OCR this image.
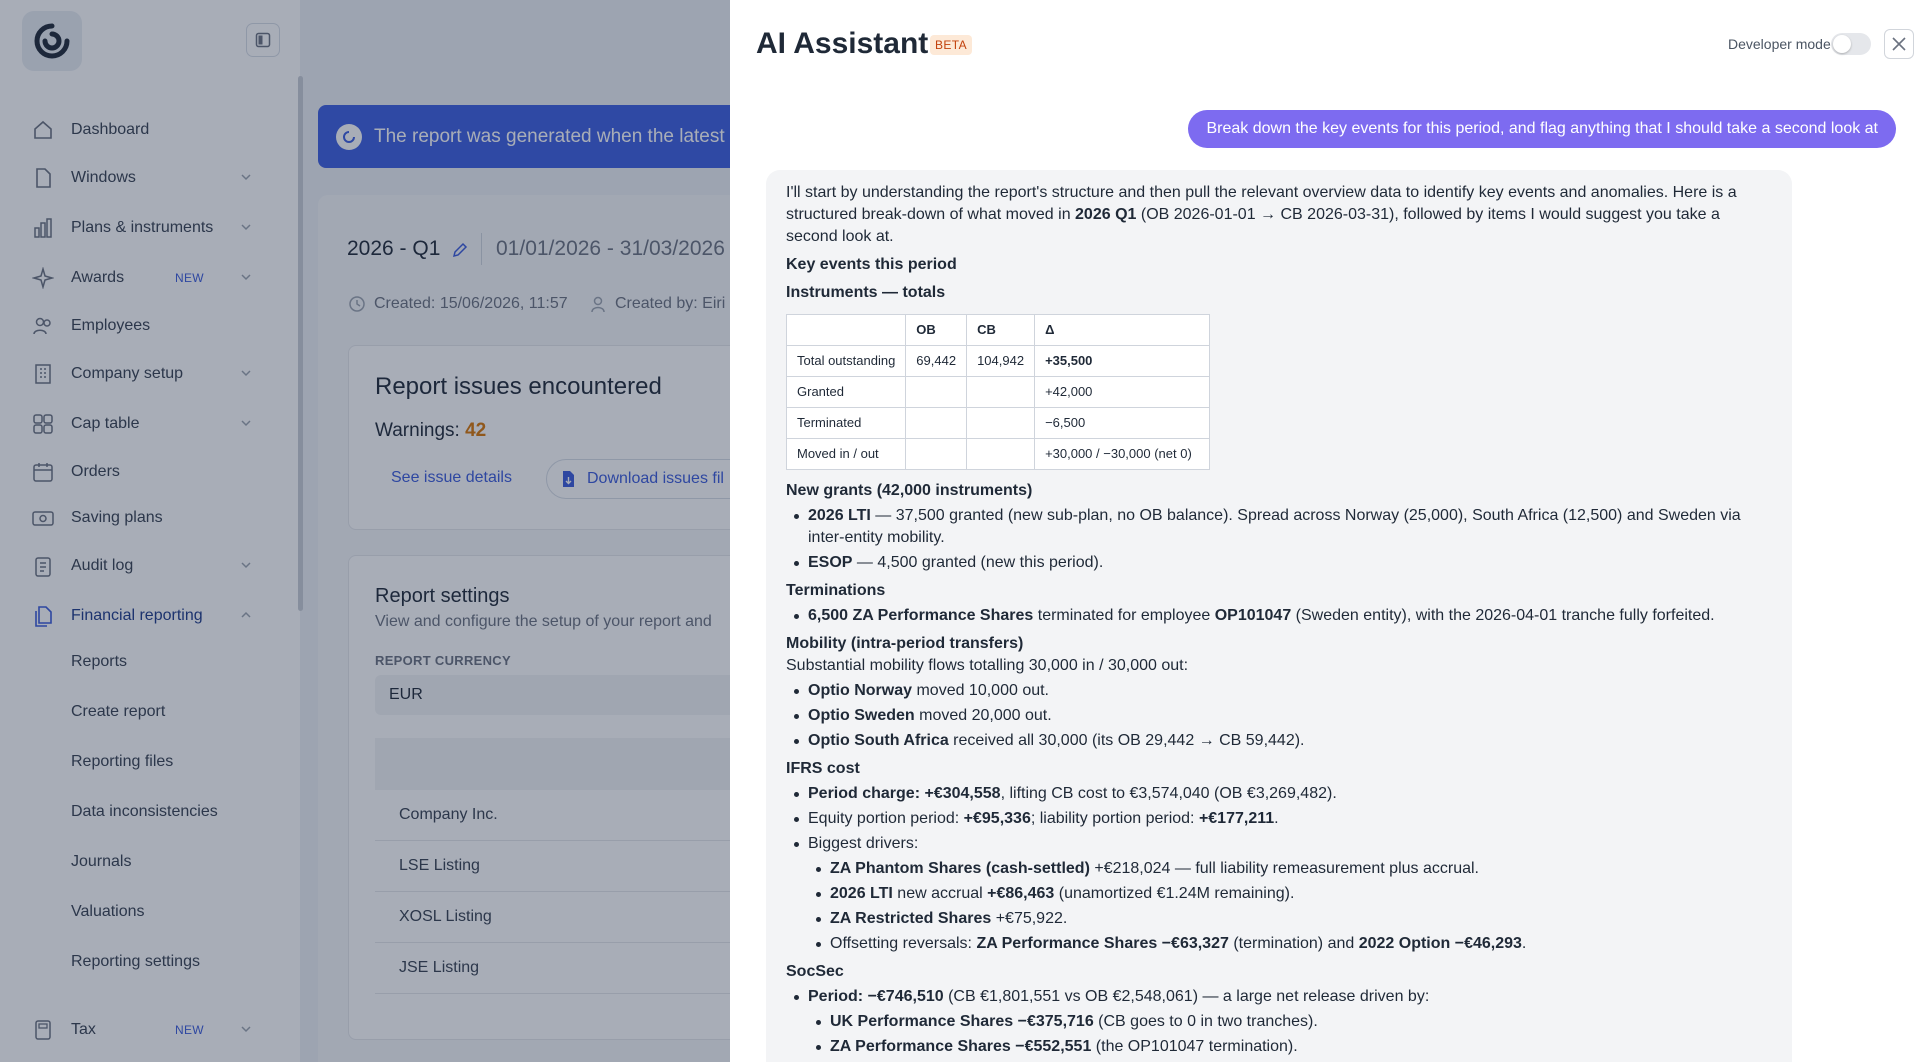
Dashboard
Windows
Plans & instruments
Awards	NEW
Employees
Company setup
Cap table
Orders
Saving plans
Audit log
Financial reporting
Reports
Create report
Reporting files
Data inconsistencies
Journals
Valuations
Reporting settings
Tax	NEW
The report was generated when the latest
2026 - Q1	01/01/2026 - 31/03/2026
Created: 15/06/2026, 11:57	Created by: Eiri
Report issues encountered
Warnings: 42
See issue details	Download issues fil
Report settings
View and configure the setup of your report and
REPORT CURRENCY
EUR
Company Inc.
LSE Listing
XOSL Listing
JSE Listing
AI Assistant BETA	Developer mode
Break down the key events for this period, and flag anything that I should take a second look at

I'll start by understanding the report's structure and then pull the relevant overview data to identify key events and anomalies. Here is a structured break-down of what moved in 2026 Q1 (OB 2026-01-01 → CB 2026-03-31), followed by items I would suggest you take a second look at.

Key events this period

Instruments — totals

	OB	CB	Δ
Total outstanding	69,442	104,942	+35,500
Granted			+42,000
Terminated			−6,500
Moved in / out			+30,000 / −30,000 (net 0)

New grants (42,000 instruments)

2026 LTI — 37,500 granted (new sub-plan, no OB balance). Spread across Norway (25,000), South Africa (12,500) and Sweden via inter-entity mobility.
ESOP — 4,500 granted (new this period).

Terminations

6,500 ZA Performance Shares terminated for employee OP101047 (Sweden entity), with the 2026-04-01 tranche fully forfeited.

Mobility (intra-period transfers)

Substantial mobility flows totalling 30,000 in / 30,000 out:

Optio Norway moved 10,000 out.
Optio Sweden moved 20,000 out.
Optio South Africa received all 30,000 (its OB 29,442 → CB 59,442).

IFRS cost

Period charge: +€304,558, lifting CB cost to €3,574,040 (OB €3,269,482).
Equity portion period: +€95,336; liability portion period: +€177,211.
Biggest drivers:
ZA Phantom Shares (cash-settled) +€218,024 — full liability remeasurement plus accrual.
2026 LTI new accrual +€86,463 (unamortized €1.24M remaining).
ZA Restricted Shares +€75,922.
Offsetting reversals: ZA Performance Shares −€63,327 (termination) and 2022 Option −€46,293.

SocSec

Period: −€746,510 (CB €1,801,551 vs OB €2,548,061) — a large net release driven by:
UK Performance Shares −€375,716 (CB goes to 0 in two tranches).
ZA Performance Shares −€552,551 (the OP101047 termination).
